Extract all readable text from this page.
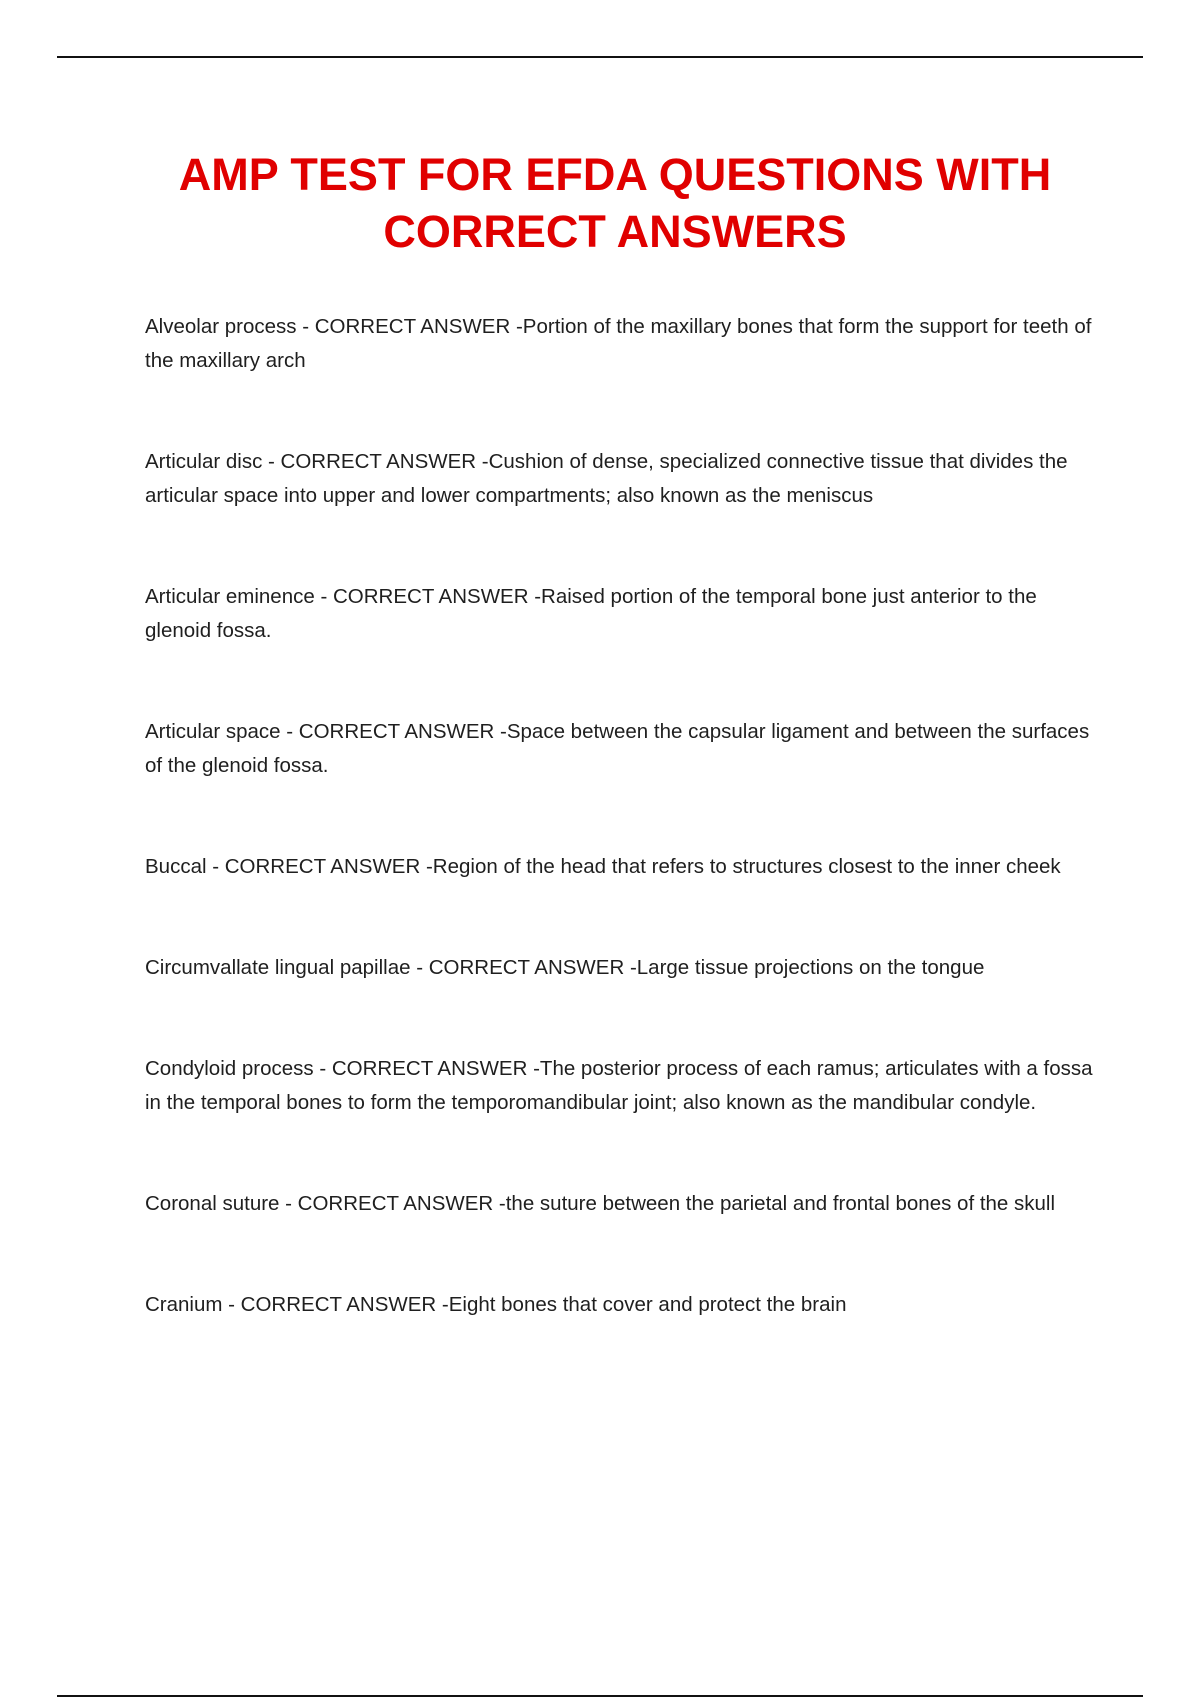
AMP TEST FOR EFDA QUESTIONS WITH CORRECT ANSWERS
Alveolar process - CORRECT ANSWER -Portion of the maxillary bones that form the support for teeth of the maxillary arch
Articular disc - CORRECT ANSWER -Cushion of dense, specialized connective tissue that divides the articular space into upper and lower compartments; also known as the meniscus
Articular eminence - CORRECT ANSWER -Raised portion of the temporal bone just anterior to the glenoid fossa.
Articular space - CORRECT ANSWER -Space between the capsular ligament and between the surfaces of the glenoid fossa.
Buccal - CORRECT ANSWER -Region of the head that refers to structures closest to the inner cheek
Circumvallate lingual papillae - CORRECT ANSWER -Large tissue projections on the tongue
Condyloid process - CORRECT ANSWER -The posterior process of each ramus; articulates with a fossa in the temporal bones to form the temporomandibular joint; also known as the mandibular condyle.
Coronal suture - CORRECT ANSWER -the suture between the parietal and frontal bones of the skull
Cranium - CORRECT ANSWER -Eight bones that cover and protect the brain
